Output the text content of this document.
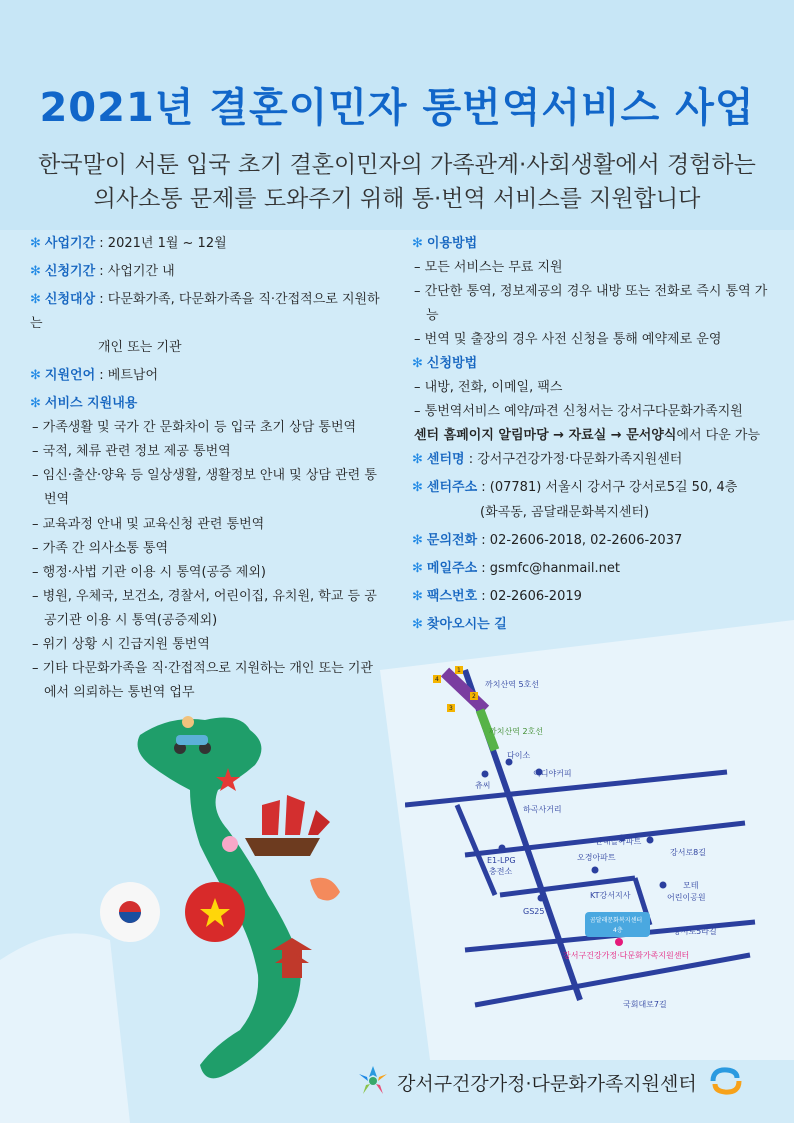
2021년 결혼이민자 통번역서비스 사업
한국말이 서툰 입국 초기 결혼이민자의 가족관계·사회생활에서 경험하는
의사소통 문제를 도와주기 위해 통·번역 서비스를 지원합니다
✻ 사업기간 : 2021년 1월 ~ 12월
✻ 신청기간 : 사업기간 내
✻ 신청대상 : 다문화가족, 다문화가족을 직·간접적으로 지원하는
개인 또는 기관
✻ 지원언어 : 베트남어
✻ 서비스 지원내용
– 가족생활 및 국가 간 문화차이 등 입국 초기 상담 통번역
– 국적, 체류 관련 정보 제공 통번역
– 임신·출산·양육 등 일상생활, 생활정보 안내 및 상담 관련 통번역
– 교육과정 안내 및 교육신청 관련 통번역
– 가족 간 의사소통 통역
– 행정·사법 기관 이용 시 통역(공증 제외)
– 병원, 우체국, 보건소, 경찰서, 어린이집, 유치원, 학교 등 공공기관 이용 시 통역(공증제외)
– 위기 상황 시 긴급지원 통번역
– 기타 다문화가족을 직·간접적으로 지원하는 개인 또는 기관에서 의뢰하는 통번역 업무
✻ 이용방법
– 모든 서비스는 무료 지원
– 간단한 통역, 정보제공의 경우 내방 또는 전화로 즉시 통역 가능
– 번역 및 출장의 경우 사전 신청을 통해 예약제로 운영
✻ 신청방법
– 내방, 전화, 이메일, 팩스
– 통번역서비스 예약/파견 신청서는 강서구다문화가족지원
센터 홈페이지 알림마당 → 자료실 → 문서양식에서 다운 가능
✻ 센터명 : 강서구건강가정·다문화가족지원센터
✻ 센터주소 : (07781) 서울시 강서구 강서로5길 50, 4층
(화곡동, 곰달래문화복지센터)
✻ 문의전화 : 02-2606-2018, 02-2606-2037
✻ 메일주소 : gsmfc@hanmail.net
✻ 팩스번호 : 02-2606-2019
✻ 찾아오시는 길
4
1
2
3
까치산역 5호선
까치산역 2호선
다이소
이디야커피
츄씨
하곡사거리
산내들아파트
오경아파트
강서로8길
E1-LPG
충전소
모테
어린이공원
KT강서지사
GS25
곰달래문화복지센터
4층	강서로5라길
강서구건강가정·다문화가족지원센터
국회대로7길
강서구건강가정·다문화가족지원센터
